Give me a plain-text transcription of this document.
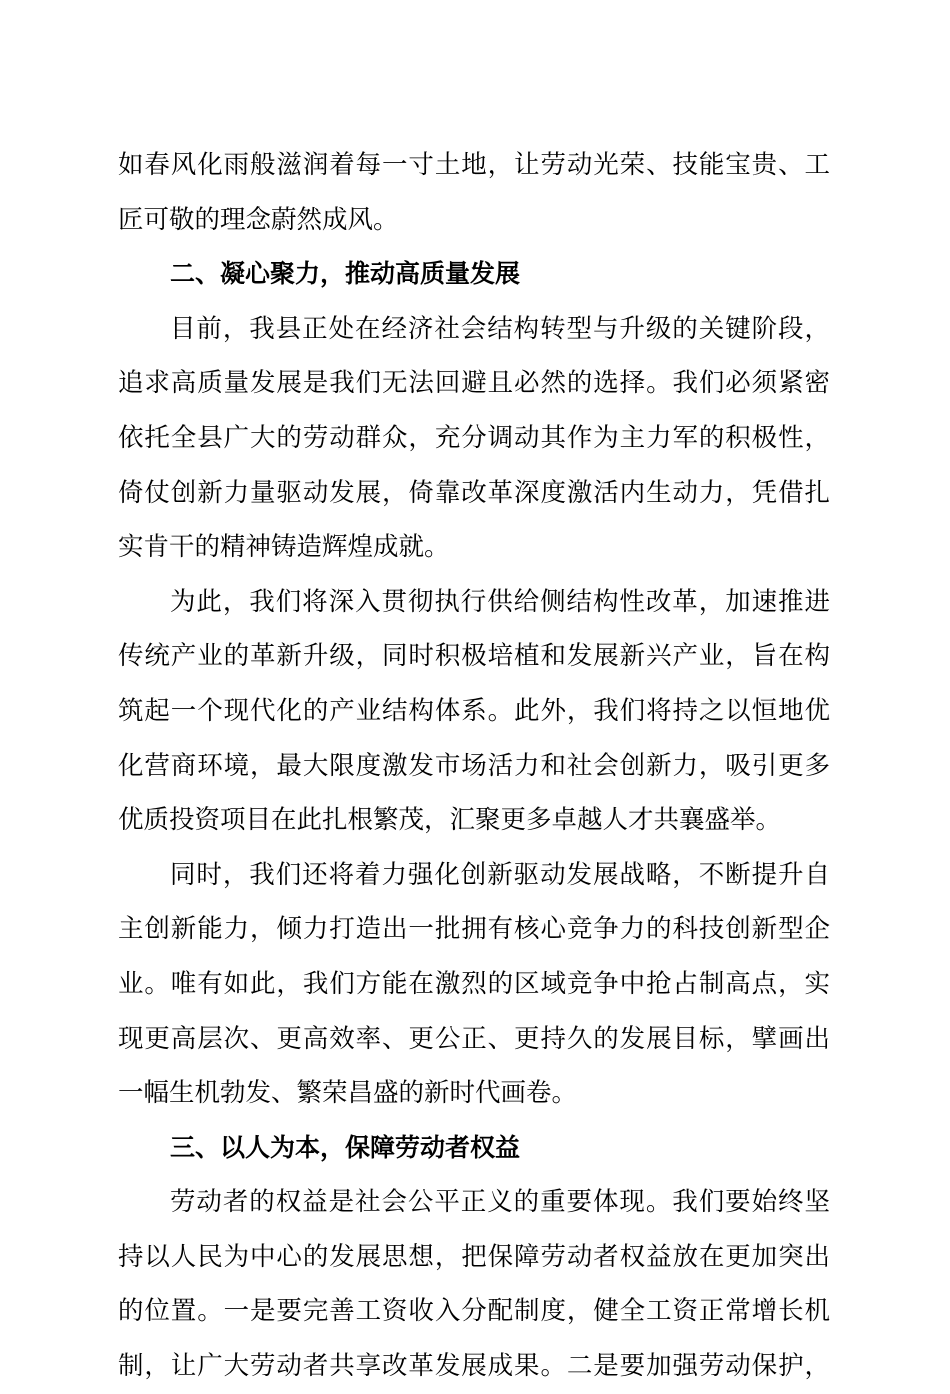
如春风化雨般滋润着每一寸土地，让劳动光荣、技能宝贵、工
匠可敬的理念蔚然成风。
二、凝心聚力，推动高质量发展
目前，我县正处在经济社会结构转型与升级的关键阶段，
追求高质量发展是我们无法回避且必然的选择。我们必须紧密
依托全县广大的劳动群众，充分调动其作为主力军的积极性，
倚仗创新力量驱动发展，倚靠改革深度激活内生动力，凭借扎
实肯干的精神铸造辉煌成就。
为此，我们将深入贯彻执行供给侧结构性改革，加速推进
传统产业的革新升级，同时积极培植和发展新兴产业，旨在构
筑起一个现代化的产业结构体系。此外，我们将持之以恒地优
化营商环境，最大限度激发市场活力和社会创新力，吸引更多
优质投资项目在此扎根繁茂，汇聚更多卓越人才共襄盛举。
同时，我们还将着力强化创新驱动发展战略，不断提升自
主创新能力，倾力打造出一批拥有核心竞争力的科技创新型企
业。唯有如此，我们方能在激烈的区域竞争中抢占制高点，实
现更高层次、更高效率、更公正、更持久的发展目标，擘画出
一幅生机勃发、繁荣昌盛的新时代画卷。
三、以人为本，保障劳动者权益
劳动者的权益是社会公平正义的重要体现。我们要始终坚
持以人民为中心的发展思想，把保障劳动者权益放在更加突出
的位置。一是要完善工资收入分配制度，健全工资正常增长机
制，让广大劳动者共享改革发展成果。二是要加强劳动保护，
